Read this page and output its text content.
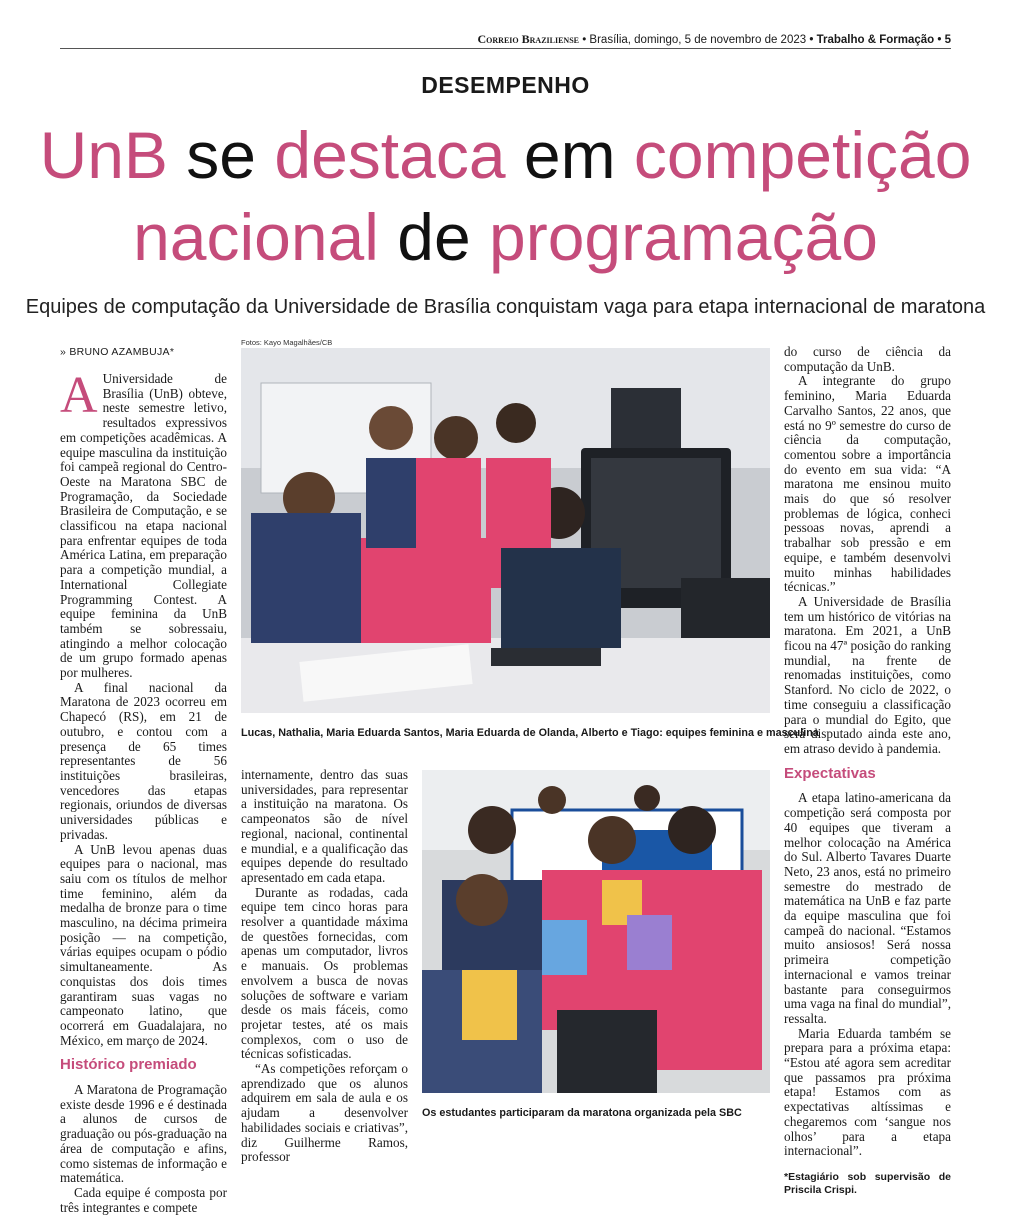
Correio Braziliense • Brasília, domingo, 5 de novembro de 2023 • Trabalho & Formação • 5
DESEMPENHO
UnB se destaca em competição
nacional de programação
Equipes de computação da Universidade de Brasília conquistam vaga para etapa internacional de maratona
» BRUNO AZAMBUJA*

A Universidade de Brasília (UnB) obteve, neste semestre letivo, resultados expressivos em competições acadêmicas. A equipe masculina da instituição foi campeã regional do Centro-Oeste na Maratona SBC de Programação, da Sociedade Brasileira de Computação, e se classificou na etapa nacional para enfrentar equipes de toda América Latina, em preparação para a competição mundial, a International Collegiate Programming Contest. A equipe feminina da UnB também se sobressaiu, atingindo a melhor colocação de um grupo formado apenas por mulheres.

A final nacional da Maratona de 2023 ocorreu em Chapecó (RS), em 21 de outubro, e contou com a presença de 65 times representantes de 56 instituições brasileiras, vencedores das etapas regionais, oriundos de diversas universidades públicas e privadas.

A UnB levou apenas duas equipes para o nacional, mas saiu com os títulos de melhor time feminino, além da medalha de bronze para o time masculino, na décima primeira posição — na competição, várias equipes ocupam o pódio simultaneamente. As conquistas dos dois times garantiram suas vagas no campeonato latino, que ocorrerá em Guadalajara, no México, em março de 2024.

Histórico premiado

A Maratona de Programação existe desde 1996 e é destinada a alunos de cursos de graduação ou pós-graduação na área de computação e afins, como sistemas de informação e matemática.

Cada equipe é composta por três integrantes e compete

Fotos: Kayo Magalhães/CB
Lucas, Nathalia, Maria Eduarda Santos, Maria Eduarda de Olanda, Alberto e Tiago: equipes feminina e masculina

internamente, dentro das suas universidades, para representar a instituição na maratona. Os campeonatos são de nível regional, nacional, continental e mundial, e a qualificação das equipes depende do resultado apresentado em cada etapa.

Durante as rodadas, cada equipe tem cinco horas para resolver a quantidade máxima de questões fornecidas, com apenas um computador, livros e manuais. Os problemas envolvem a busca de novas soluções de software e variam desde os mais fáceis, como projetar testes, até os mais complexos, com o uso de técnicas sofisticadas.

“As competições reforçam o aprendizado que os alunos adquirem em sala de aula e os ajudam a desenvolver habilidades sociais e criativas”, diz Guilherme Ramos, professor

Os estudantes participaram da maratona organizada pela SBC

do curso de ciência da computação da UnB.

A integrante do grupo feminino, Maria Eduarda Carvalho Santos, 22 anos, que está no 9º semestre do curso de ciência da computação, comentou sobre a importância do evento em sua vida: “A maratona me ensinou muito mais do que só resolver problemas de lógica, conheci pessoas novas, aprendi a trabalhar sob pressão e em equipe, e também desenvolvi muito minhas habilidades técnicas.”

A Universidade de Brasília tem um histórico de vitórias na maratona. Em 2021, a UnB ficou na 47ª posição do ranking mundial, na frente de renomadas instituições, como Stanford. No ciclo de 2022, o time conseguiu a classificação para o mundial do Egito, que será disputado ainda este ano, em atraso devido à pandemia.

Expectativas

A etapa latino-americana da competição será composta por 40 equipes que tiveram a melhor colocação na América do Sul. Alberto Tavares Duarte Neto, 23 anos, está no primeiro semestre do mestrado de matemática na UnB e faz parte da equipe masculina que foi campeã do nacional. “Estamos muito ansiosos! Será nossa primeira competição internacional e vamos treinar bastante para conseguirmos uma vaga na final do mundial”, ressalta.

Maria Eduarda também se prepara para a próxima etapa: “Estou até agora sem acreditar que passamos pra próxima etapa! Estamos com as expectativas altíssimas e chegaremos com ‘sangue nos olhos’ para a etapa internacional”.

*Estagiário sob supervisão de Priscila Crispi.
